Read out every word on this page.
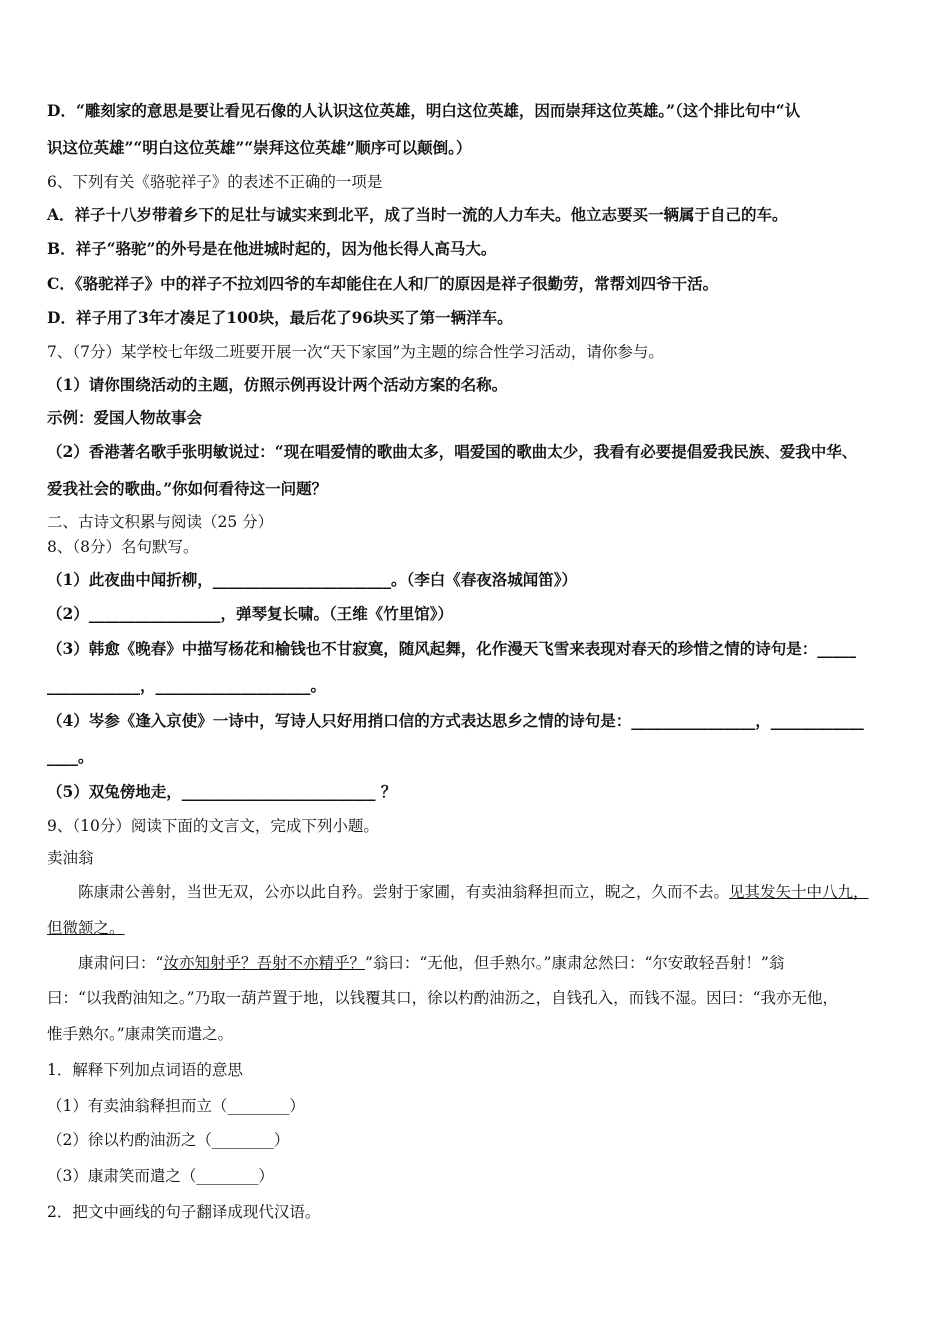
D．“雕刻家的意思是要让看见石像的人认识这位英雄，明白这位英雄，因而崇拜这位英雄。”（这个排比句中“认
识这位英雄”“明白这位英雄”“崇拜这位英雄”顺序可以颠倒。）
6、下列有关《骆驼祥子》的表述不正确的一项是
A．祥子十八岁带着乡下的足壮与诚实来到北平，成了当时一流的人力车夫。他立志要买一辆属于自己的车。
B．祥子“骆驼”的外号是在他进城时起的，因为他长得人高马大。
C．《骆驼祥子》中的祥子不拉刘四爷的车却能住在人和厂的原因是祥子很勤劳，常帮刘四爷干活。
D．祥子用了3年才凑足了100块，最后花了96块买了第一辆洋车。
7、（7分）某学校七年级二班要开展一次“天下家国”为主题的综合性学习活动，请你参与。
（1）请你围绕活动的主题，仿照示例再设计两个活动方案的名称。
示例：爱国人物故事会
（2）香港著名歌手张明敏说过：“现在唱爱情的歌曲太多，唱爱国的歌曲太少，我看有必要提倡爱我民族、爱我中华、
爱我社会的歌曲。”你如何看待这一问题？
二、古诗文积累与阅读（25 分）
8、（8分）名句默写。
（1）此夜曲中闻折柳，_______________________。（李白《春夜洛城闻笛》）
（2）_________________，弹琴复长啸。（王维《竹里馆》）
（3）韩愈《晚春》中描写杨花和榆钱也不甘寂寞，随风起舞，化作漫天飞雪来表现对春天的珍惜之情的诗句是：_____
____________，____________________。
（4）岑参《逢入京使》一诗中，写诗人只好用捎口信的方式表达思乡之情的诗句是：________________，____________
____。
（5）双兔傍地走，_________________________ ？
9、（10分）阅读下面的文言文，完成下列小题。
卖油翁
陈康肃公善射，当世无双，公亦以此自矜。尝射于家圃，有卖油翁释担而立，睨之，久而不去。见其发矢十中八九，
但微颔之。
康肃问曰：“汝亦知射乎？吾射不亦精乎？”翁曰：“无他，但手熟尔。”康肃忿然曰：“尔安敢轻吾射！”翁
曰：“以我酌油知之。”乃取一葫芦置于地，以钱覆其口，徐以杓酌油沥之，自钱孔入，而钱不湿。因曰：“我亦无他，
惟手熟尔。”康肃笑而遣之。
1．解释下列加点词语的意思
（1）有卖油翁释担而立（________）
（2）徐以杓酌油沥之（________）
（3）康肃笑而遣之（________）
2．把文中画线的句子翻译成现代汉语。
